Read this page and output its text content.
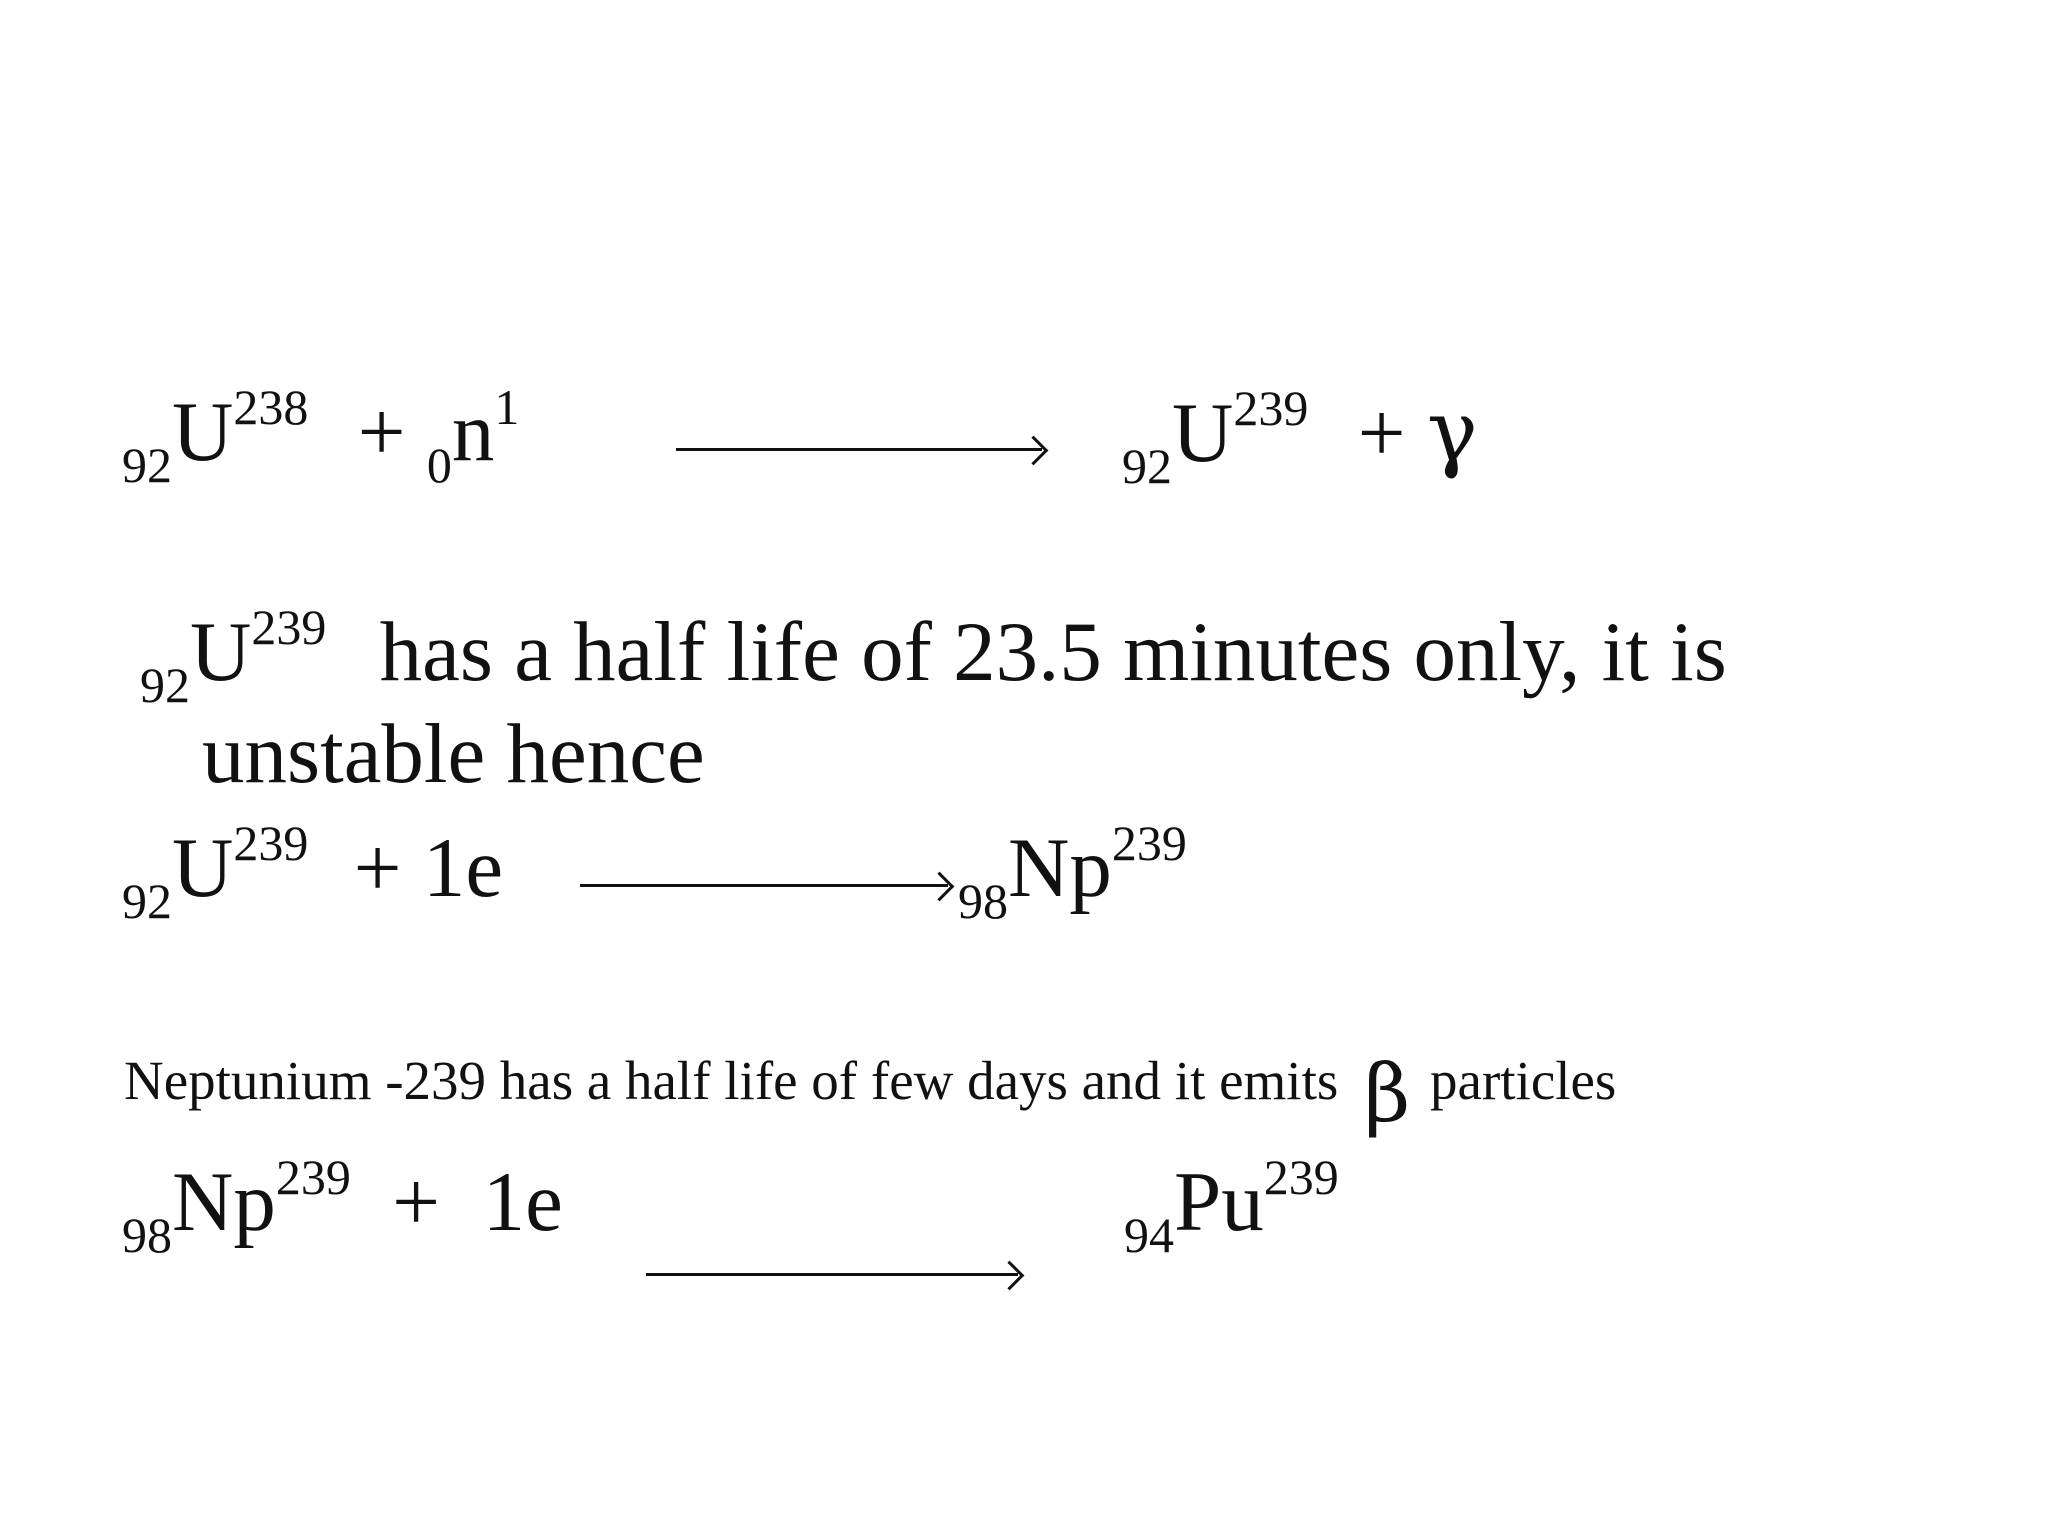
$_{92}U^{238} + _0n^1$
$_{92}U^{239} + \gamma$
$_{92}U^{239}$ has a half life of 23.5 minutes only, it is
unstable hence
$_{92}U^{239} + 1e$	$_{98}Np^{239}$
Neptunium -239 has a half life of few days and it emits β particles
$_{98}Np^{239} + 1e$	$_{94}Pu^{239}$
